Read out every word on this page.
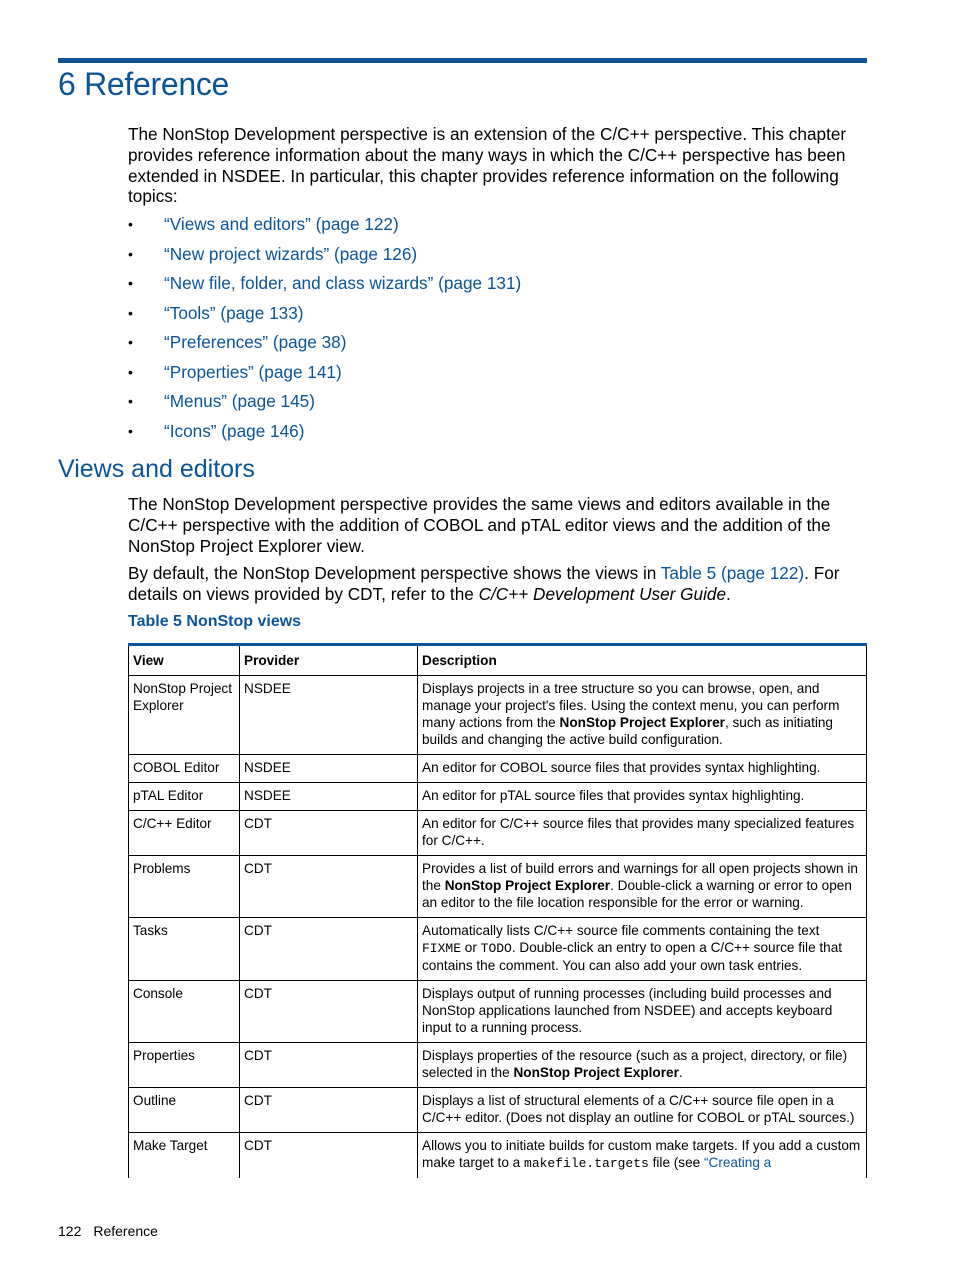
6 Reference

The NonStop Development perspective is an extension of the C/C++ perspective. This chapter provides reference information about the many ways in which the C/C++ perspective has been extended in NSDEE. In particular, this chapter provides reference information on the following topics:

• “Views and editors” (page 122)
• “New project wizards” (page 126)
• “New file, folder, and class wizards” (page 131)
• “Tools” (page 133)
• “Preferences” (page 38)
• “Properties” (page 141)
• “Menus” (page 145)
• “Icons” (page 146)
Views and editors

The NonStop Development perspective provides the same views and editors available in the C/C++ perspective with the addition of COBOL and pTAL editor views and the addition of the NonStop Project Explorer view.

By default, the NonStop Development perspective shows the views in Table 5 (page 122). For details on views provided by CDT, refer to the C/C++ Development User Guide.

Table 5 NonStop views

View	Provider	Description
NonStop Project Explorer	NSDEE	Displays projects in a tree structure so you can browse, open, and manage your project's files. Using the context menu, you can perform many actions from the NonStop Project Explorer, such as initiating builds and changing the active build configuration.
COBOL Editor	NSDEE	An editor for COBOL source files that provides syntax highlighting.
pTAL Editor	NSDEE	An editor for pTAL source files that provides syntax highlighting.
C/C++ Editor	CDT	An editor for C/C++ source files that provides many specialized features for C/C++.
Problems	CDT	Provides a list of build errors and warnings for all open projects shown in the NonStop Project Explorer. Double-click a warning or error to open an editor to the file location responsible for the error or warning.
Tasks	CDT	Automatically lists C/C++ source file comments containing the text FIXME or TODO. Double-click an entry to open a C/C++ source file that contains the comment. You can also add your own task entries.
Console	CDT	Displays output of running processes (including build processes and NonStop applications launched from NSDEE) and accepts keyboard input to a running process.
Properties	CDT	Displays properties of the resource (such as a project, directory, or file) selected in the NonStop Project Explorer.
Outline	CDT	Displays a list of structural elements of a C/C++ source file open in a C/C++ editor. (Does not display an outline for COBOL or pTAL sources.)
Make Target	CDT	Allows you to initiate builds for custom make targets. If you add a custom make target to a makefile.targets file (see “Creating a
122 Reference
